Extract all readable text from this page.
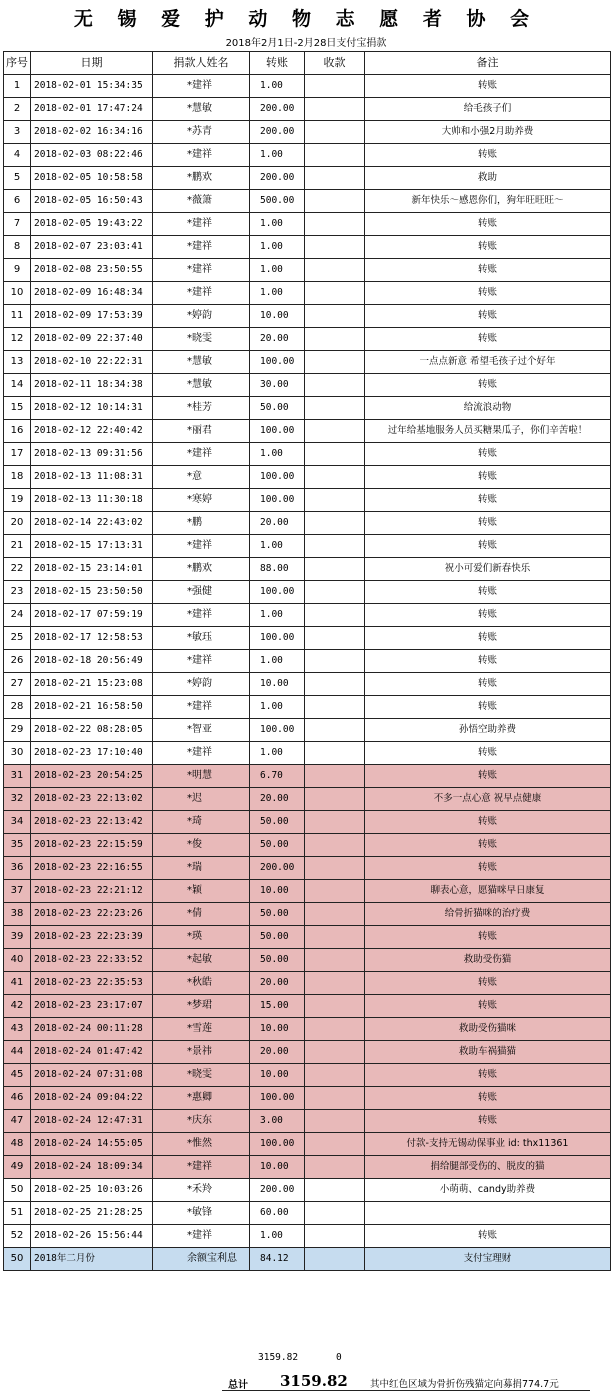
无 锡 爱 护 动 物 志 愿 者 协 会
2018年2月1日-2月28日支付宝捐款
序号	日期	捐款人姓名	转账	收款	备注
1	2018-02-01 15:34:35	*建祥	1.00		转账
2	2018-02-01 17:47:24	*慧敏	200.00		给毛孩子们
3	2018-02-02 16:34:16	*苏青	200.00		大帅和小强2月助养费
4	2018-02-03 08:22:46	*建祥	1.00		转账
5	2018-02-05 10:58:58	*鹏欢	200.00		救助
6	2018-02-05 16:50:43	*薇箫	500.00		新年快乐～感恩你们，狗年旺旺旺～
7	2018-02-05 19:43:22	*建祥	1.00		转账
8	2018-02-07 23:03:41	*建祥	1.00		转账
9	2018-02-08 23:50:55	*建祥	1.00		转账
10	2018-02-09 16:48:34	*建祥	1.00		转账
11	2018-02-09 17:53:39	*婷韵	10.00		转账
12	2018-02-09 22:37:40	*晓雯	20.00		转账
13	2018-02-10 22:22:31	*慧敏	100.00		一点点新意 希望毛孩子过个好年
14	2018-02-11 18:34:38	*慧敏	30.00		转账
15	2018-02-12 10:14:31	*桂芳	50.00		给流浪动物
16	2018-02-12 22:40:42	*丽君	100.00		过年给基地服务人员买糖果瓜子，你们辛苦啦！
17	2018-02-13 09:31:56	*建祥	1.00		转账
18	2018-02-13 11:08:31	*意	100.00		转账
19	2018-02-13 11:30:18	*寒婷	100.00		转账
20	2018-02-14 22:43:02	*鹏	20.00		转账
21	2018-02-15 17:13:31	*建祥	1.00		转账
22	2018-02-15 23:14:01	*鹏欢	88.00		祝小可爱们新春快乐
23	2018-02-15 23:50:50	*强健	100.00		转账
24	2018-02-17 07:59:19	*建祥	1.00		转账
25	2018-02-17 12:58:53	*敏珏	100.00		转账
26	2018-02-18 20:56:49	*建祥	1.00		转账
27	2018-02-21 15:23:08	*婷韵	10.00		转账
28	2018-02-21 16:58:50	*建祥	1.00		转账
29	2018-02-22 08:28:05	*智亚	100.00		孙悟空助养费
30	2018-02-23 17:10:40	*建祥	1.00		转账
31	2018-02-23 20:54:25	*明慧	6.70		转账
32	2018-02-23 22:13:02	*迟	20.00		不多一点心意 祝早点健康
34	2018-02-23 22:13:42	*琦	50.00		转账
35	2018-02-23 22:15:59	*俊	50.00		转账
36	2018-02-23 22:16:55	*瑞	200.00		转账
37	2018-02-23 22:21:12	*颖	10.00		聊表心意，愿猫咪早日康复
38	2018-02-23 22:23:26	*倩	50.00		给骨折猫咪的治疗费
39	2018-02-23 22:23:39	*瑛	50.00		转账
40	2018-02-23 22:33:52	*起敏	50.00		救助受伤猫
41	2018-02-23 22:35:53	*秋皓	20.00		转账
42	2018-02-23 23:17:07	*梦珺	15.00		转账
43	2018-02-24 00:11:28	*雪莲	10.00		救助受伤猫咪
44	2018-02-24 01:47:42	*景祎	20.00		救助车祸猫猫
45	2018-02-24 07:31:08	*晓雯	10.00		转账
46	2018-02-24 09:04:22	*惠卿	100.00		转账
47	2018-02-24 12:47:31	*庆东	3.00		转账
48	2018-02-24 14:55:05	*惟然	100.00		付款-支持无锡动保事业 id: thx11361
49	2018-02-24 18:09:34	*建祥	10.00		捐给腿部受伤的、脱皮的猫
50	2018-02-25 10:03:26	*禾羚	200.00		小萌萌、candy助养费
51	2018-02-25 21:28:25	*敏锋	60.00		
52	2018-02-26 15:56:44	*建祥	1.00		转账
50	2018年二月份	余额宝利息	84.12		支付宝理财
3159.82	0
总计 3159.82 其中红色区域为骨折伤残猫定向募捐774.7元
